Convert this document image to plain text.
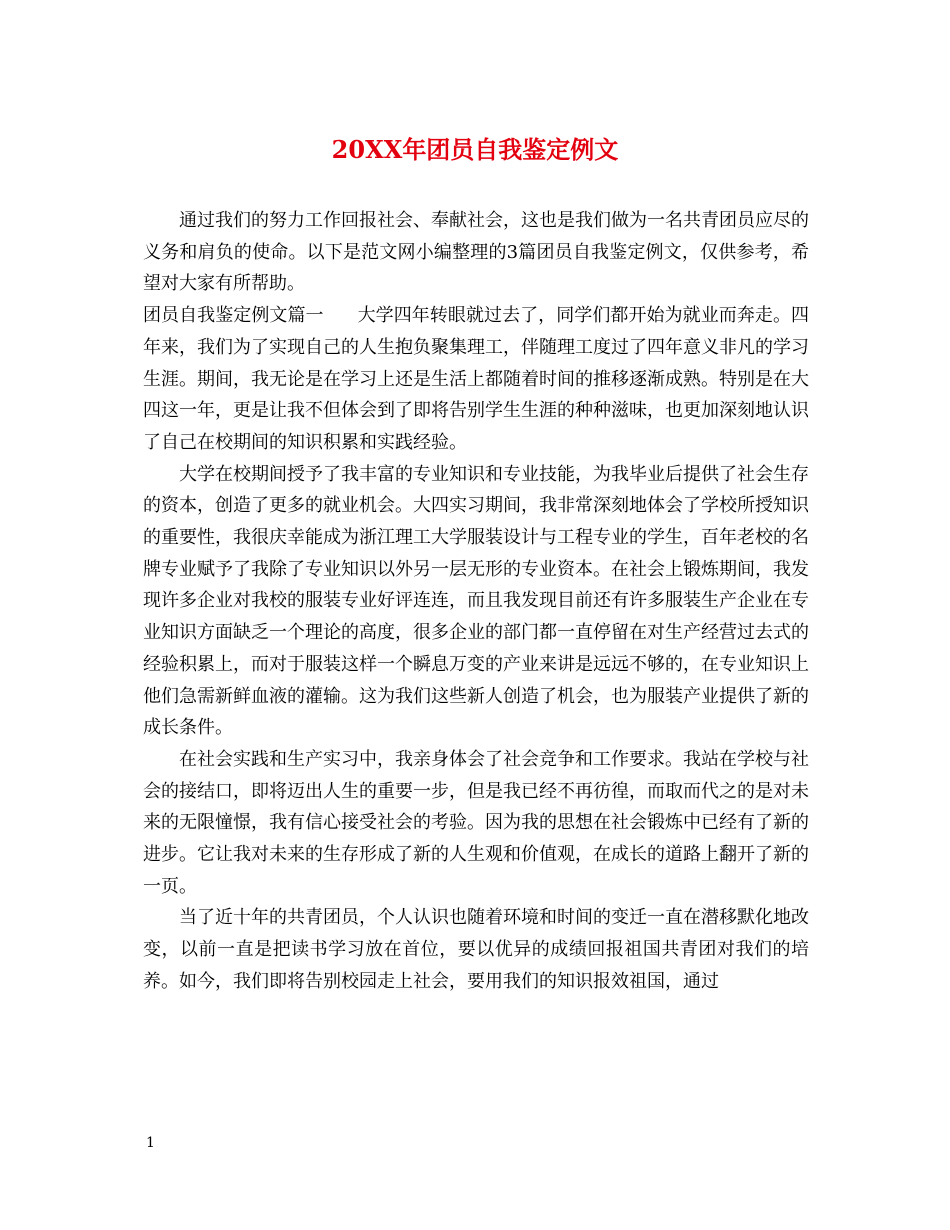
20XX年团员自我鉴定例文

通过我们的努力工作回报社会、奉献社会，这也是我们做为一名共青团员应尽的义务和肩负的使命。以下是范文网小编整理的3篇团员自我鉴定例文，仅供参考，希望对大家有所帮助。

团员自我鉴定例文篇一 大学四年转眼就过去了，同学们都开始为就业而奔走。四年来，我们为了实现自己的人生抱负聚集理工，伴随理工度过了四年意义非凡的学习生涯。期间，我无论是在学习上还是生活上都随着时间的推移逐渐成熟。特别是在大四这一年，更是让我不但体会到了即将告别学生生涯的种种滋味，也更加深刻地认识了自己在校期间的知识积累和实践经验。

大学在校期间授予了我丰富的专业知识和专业技能，为我毕业后提供了社会生存的资本，创造了更多的就业机会。大四实习期间，我非常深刻地体会了学校所授知识的重要性，我很庆幸能成为浙江理工大学服装设计与工程专业的学生，百年老校的名牌专业赋予了我除了专业知识以外另一层无形的专业资本。在社会上锻炼期间，我发现许多企业对我校的服装专业好评连连，而且我发现目前还有许多服装生产企业在专业知识方面缺乏一个理论的高度，很多企业的部门都一直停留在对生产经营过去式的经验积累上，而对于服装这样一个瞬息万变的产业来讲是远远不够的，在专业知识上他们急需新鲜血液的灌输。这为我们这些新人创造了机会，也为服装产业提供了新的成长条件。

在社会实践和生产实习中，我亲身体会了社会竞争和工作要求。我站在学校与社会的接结口，即将迈出人生的重要一步，但是我已经不再彷徨，而取而代之的是对未来的无限憧憬，我有信心接受社会的考验。因为我的思想在社会锻炼中已经有了新的进步。它让我对未来的生存形成了新的人生观和价值观，在成长的道路上翻开了新的一页。

当了近十年的共青团员，个人认识也随着环境和时间的变迁一直在潜移默化地改变，以前一直是把读书学习放在首位，要以优异的成绩回报祖国共青团对我们的培养。如今，我们即将告别校园走上社会，要用我们的知识报效祖国，通过

1
